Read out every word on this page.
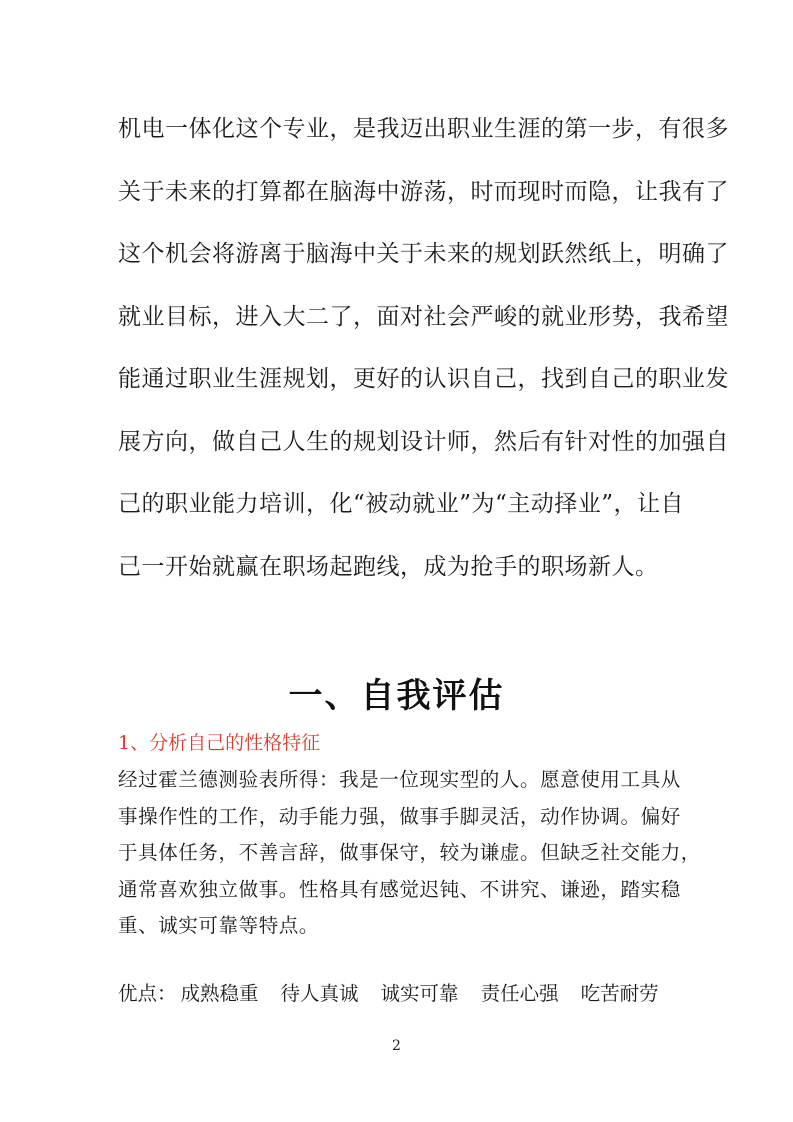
机电一体化这个专业，是我迈出职业生涯的第一步，有很多
关于未来的打算都在脑海中游荡，时而现时而隐，让我有了
这个机会将游离于脑海中关于未来的规划跃然纸上，明确了
就业目标，进入大二了，面对社会严峻的就业形势，我希望
能通过职业生涯规划，更好的认识自己，找到自己的职业发
展方向，做自己人生的规划设计师，然后有针对性的加强自
己的职业能力培训，化“被动就业”为“主动择业”，让自
己一开始就赢在职场起跑线，成为抢手的职场新人。
一、自我评估
1、分析自己的性格特征
经过霍兰德测验表所得：我是一位现实型的人。愿意使用工具从
事操作性的工作，动手能力强，做事手脚灵活，动作协调。偏好
于具体任务，不善言辞，做事保守，较为谦虚。但缺乏社交能力，
通常喜欢独立做事。性格具有感觉迟钝、不讲究、谦逊，踏实稳
重、诚实可靠等特点。
优点： 成熟稳重 待人真诚 诚实可靠 责任心强 吃苦耐劳
2
